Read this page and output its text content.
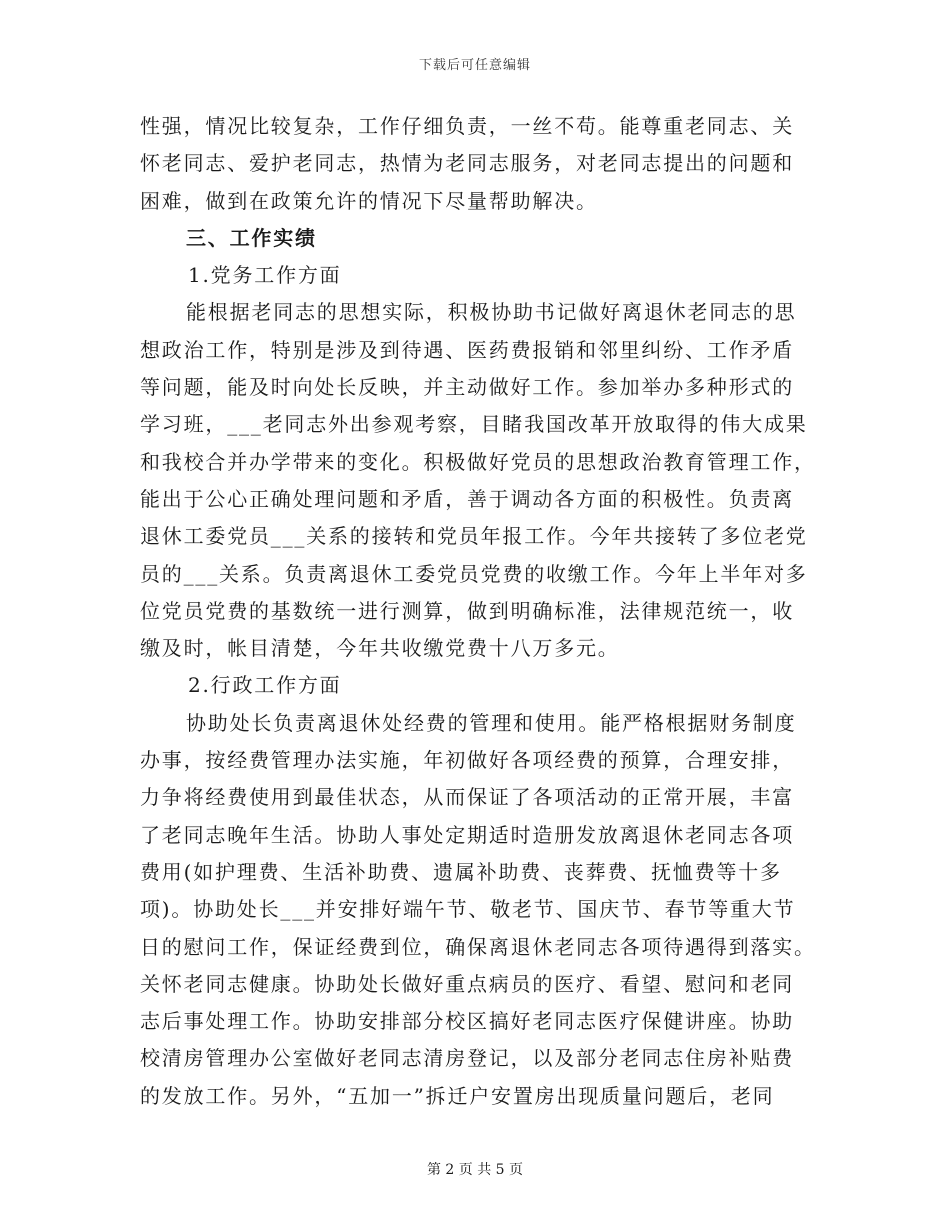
下载后可任意编辑
性强，情况比较复杂，工作仔细负责，一丝不苟。能尊重老同志、关
怀老同志、爱护老同志，热情为老同志服务，对老同志提出的问题和
困难，做到在政策允许的情况下尽量帮助解决。
三、工作实绩
1.党务工作方面
能根据老同志的思想实际，积极协助书记做好离退休老同志的思
想政治工作，特别是涉及到待遇、医药费报销和邻里纠纷、工作矛盾
等问题，能及时向处长反映，并主动做好工作。参加举办多种形式的
学习班，___老同志外出参观考察，目睹我国改革开放取得的伟大成果
和我校合并办学带来的变化。积极做好党员的思想政治教育管理工作，
能出于公心正确处理问题和矛盾，善于调动各方面的积极性。负责离
退休工委党员___关系的接转和党员年报工作。今年共接转了多位老党
员的___关系。负责离退休工委党员党费的收缴工作。今年上半年对多
位党员党费的基数统一进行测算，做到明确标准，法律规范统一，收
缴及时，帐目清楚，今年共收缴党费十八万多元。
2.行政工作方面
协助处长负责离退休处经费的管理和使用。能严格根据财务制度
办事，按经费管理办法实施，年初做好各项经费的预算，合理安排，
力争将经费使用到最佳状态，从而保证了各项活动的正常开展，丰富
了老同志晚年生活。协助人事处定期适时造册发放离退休老同志各项
费用(如护理费、生活补助费、遗属补助费、丧葬费、抚恤费等十多
项)。协助处长___并安排好端午节、敬老节、国庆节、春节等重大节
日的慰问工作，保证经费到位，确保离退休老同志各项待遇得到落实。
关怀老同志健康。协助处长做好重点病员的医疗、看望、慰问和老同
志后事处理工作。协助安排部分校区搞好老同志医疗保健讲座。协助
校清房管理办公室做好老同志清房登记，以及部分老同志住房补贴费
的发放工作。另外，“五加一”拆迁户安置房出现质量问题后，老同
第 2 页 共 5 页
